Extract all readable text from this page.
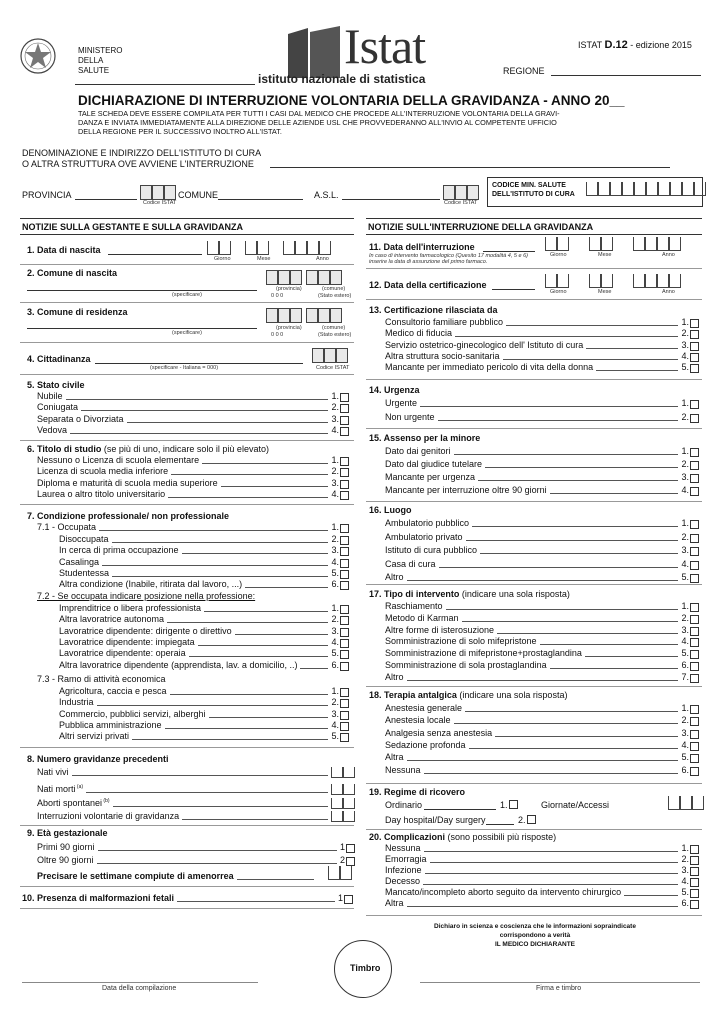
MINISTERO
DELLA
SALUTE	Istat
istituto nazionale di statistica
ISTAT D.12 - edizione 2015
REGIONE
DICHIARAZIONE DI INTERRUZIONE VOLONTARIA DELLA GRAVIDANZA - ANNO 20__
TALE SCHEDA DEVE ESSERE COMPILATA PER TUTTI I CASI DAL MEDICO CHE PROCEDE ALL'INTERRUZIONE VOLONTARIA DELLA GRAVI-
DANZA E INVIATA IMMEDIATAMENTE ALLA DIREZIONE DELLE AZIENDE USL CHE PROVVEDERANNO ALL'INVIO AL COMPETENTE UFFICIO
DELLA REGIONE PER IL SUCCESSIVO INOLTRO ALL'ISTAT.
DENOMINAZIONE E INDIRIZZO DELL'ISTITUTO DI CURA
O ALTRA STRUTTURA OVE AVVIENE L'INTERRUZIONE
PROVINCIA
Codice ISTAT
COMUNE	A.S.L.
Codice ISTAT
CODICE MIN. SALUTE
DELL'ISTITUTO DI CURA
NOTIZIE SULLA GESTANTE E SULLA GRAVIDANZA	NOTIZIE SULL'INTERRUZIONE DELLA GRAVIDANZA
1. Data di nascita
Giorno	Mese	Anno
2. Comune di nascita
(specificare)
(provincia)	(comune)
0 0 0	(Stato estero)
3. Comune di residenza
(specificare)
(provincia)	(comune)
0 0 0	(Stato estero)
4. Cittadinanza
(specificare - Italiana = 000)	Codice ISTAT
5. Stato civile
Nubile	1.
Coniugata	2.
Separata o Divorziata	3.
Vedova	4.
6. Titolo di studio (se più di uno, indicare solo il più elevato)
Nessuno o Licenza di scuola elementare	1.
Licenza di scuola media inferiore	2.
Diploma e maturità di scuola media superiore	3.
Laurea o altro titolo universitario	4.
7. Condizione professionale/ non professionale
7.1 - Occupata	1.
Disoccupata	2.
In cerca di prima occupazione	3.
Casalinga	4.
Studentessa	5.
Altra condizione (Inabile, ritirata dal lavoro, ...)	6.
7.2 - Se occupata indicare posizione nella professione:
Imprenditrice o libera professionista	1.
Altra lavoratrice autonoma	2.
Lavoratrice dipendente: dirigente o direttivo	3.
Lavoratrice dipendente: impiegata	4.
Lavoratrice dipendente: operaia	5.
Altra lavoratrice dipendente (apprendista, lav. a domicilio, ..)	6.
7.3 - Ramo di attività economica
Agricoltura, caccia e pesca	1.
Industria	2.
Commercio, pubblici servizi, alberghi	3.
Pubblica amministrazione	4.
Altri servizi privati	5.
8. Numero gravidanze precedenti
Nati vivi
Nati morti $^{(a)}$
Aborti spontanei $^{(b)}$
Interruzioni volontarie di gravidanza
9. Età gestazionale
Primi 90 giorni	1
Oltre 90 giorni	2
Precisare le settimane compiute di amenorrea
10. Presenza di malformazioni fetali	1
11. Data dell'interruzione
In caso di intervento farmacologico (Quesito 17 modalità 4, 5 e 6)
inserire la data di assunzione del primo farmaco.
Giorno	Mese	Anno
12. Data della certificazione
Giorno	Mese	Anno
13. Certificazione rilasciata da
Consultorio familiare pubblico	1.
Medico di fiducia	2.
Servizio ostetrico-ginecologico dell' Istituto di cura	3.
Altra struttura socio-sanitaria	4.
Mancante per immediato pericolo di vita della donna	5.
14. Urgenza
Urgente	1.
Non urgente	2.
15. Assenso per la minore
Dato dai genitori	1.
Dato dal giudice tutelare	2.
Mancante per urgenza	3.
Mancante per interruzione oltre 90 giorni	4.
16. Luogo
Ambulatorio pubblico	1.
Ambulatorio privato	2.
Istituto di cura pubblico	3.
Casa di cura	4.
Altro	5.
17. Tipo di intervento (indicare una sola risposta)
Raschiamento	1.
Metodo di Karman	2.
Altre forme di isterosuzione	3.
Somministrazione di solo mifepristone	4.
Somministrazione di mifepristone+prostaglandina	5.
Somministrazione di sola prostaglandina	6.
Altro	7.
18. Terapia antalgica (indicare una sola risposta)
Anestesia generale	1.
Anestesia locale	2.
Analgesia senza anestesia	3.
Sedazione profonda	4.
Altra	5.
Nessuna	6.
20. Complicazioni (sono possibili più risposte)
Nessuna	1.
Emorragia	2.
Infezione	3.
Decesso	4.
Mancato/incompleto aborto seguito da intervento chirurgico	5.
Altra	6.
19. Regime di ricovero
Ordinario	1.	Giornate/Accessi
Day hospital/Day surgery	2.
Dichiaro in scienza e coscienza che le informazioni sopraindicate
corrispondono a verità
IL MEDICO DICHIARANTE
Timbro
Data della compilazione	Firma e timbro
